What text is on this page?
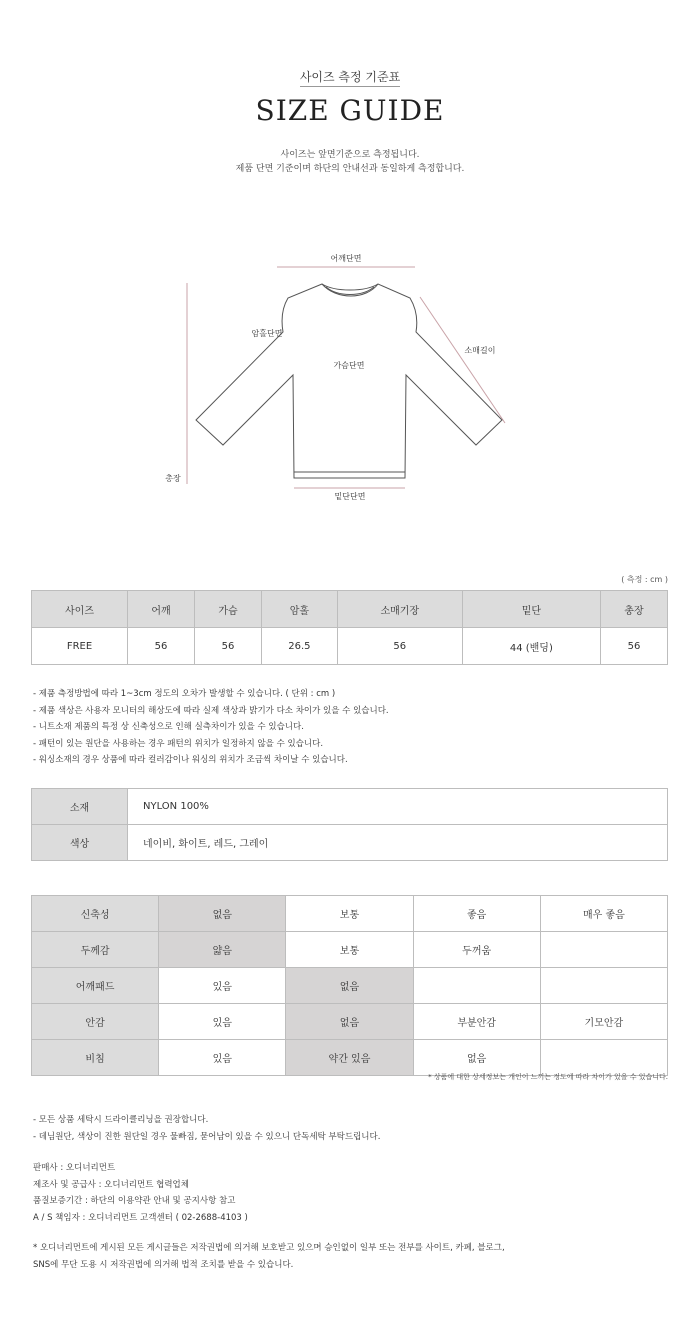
사이즈 측정 기준표
SIZE GUIDE
사이즈는 앞면기준으로 측정됩니다.
제품 단면 기준이며 하단의 안내선과 동일하게 측정합니다.
어깨단면
암홀단면
소매길이
가슴단면
총장
밑단단면
( 측정 : cm )
사이즈	어깨	가슴	암홀	소매기장	밑단	총장
FREE	56	56	26.5	56	44 (밴딩)	56
- 제품 측정방법에 따라 1~3cm 정도의 오차가 발생할 수 있습니다. ( 단위 : cm )
- 제품 색상은 사용자 모니터의 해상도에 따라 실제 색상과 밝기가 다소 차이가 있을 수 있습니다.
- 니트소재 제품의 특정 상 신축성으로 인해 실측차이가 있을 수 있습니다.
- 패턴이 있는 원단을 사용하는 경우 패턴의 위치가 일정하지 않을 수 있습니다.
- 워싱소재의 경우 상품에 따라 컬러감이나 워싱의 위치가 조금씩 차이날 수 있습니다.
소재	NYLON 100%
색상	네이비, 화이트, 레드, 그레이
신축성	없음	보통	좋음	매우 좋음
두께감	얇음	보통	두꺼움	
어깨패드	있음	없음		
안감	있음	없음	부분안감	기모안감
비침	있음	약간 있음	없음	
* 상품에 대한 상세정보는 개인이 느끼는 정도에 따라 차이가 있을 수 있습니다.
- 모든 상품 세탁시 드라이클리닝을 권장합니다.
- 데님원단, 색상이 진한 원단일 경우 물빠짐, 묻어남이 있을 수 있으니 단독세탁 부탁드립니다.
판매사 : 오디너리먼트
제조사 및 공급사 : 오디너리먼트 협력업체
품질보증기간 : 하단의 이용약관 안내 및 공지사항 참고
A / S 책임자 : 오디너리먼트 고객센터 ( 02-2688-4103 )
* 오디너리먼트에 게시된 모든 게시글들은 저작권법에 의거해 보호받고 있으며 승인없이 일부 또는 전부를 사이트, 카페, 블로그,
SNS에 무단 도용 시 저작권법에 의거해 법적 조치를 받을 수 있습니다.
